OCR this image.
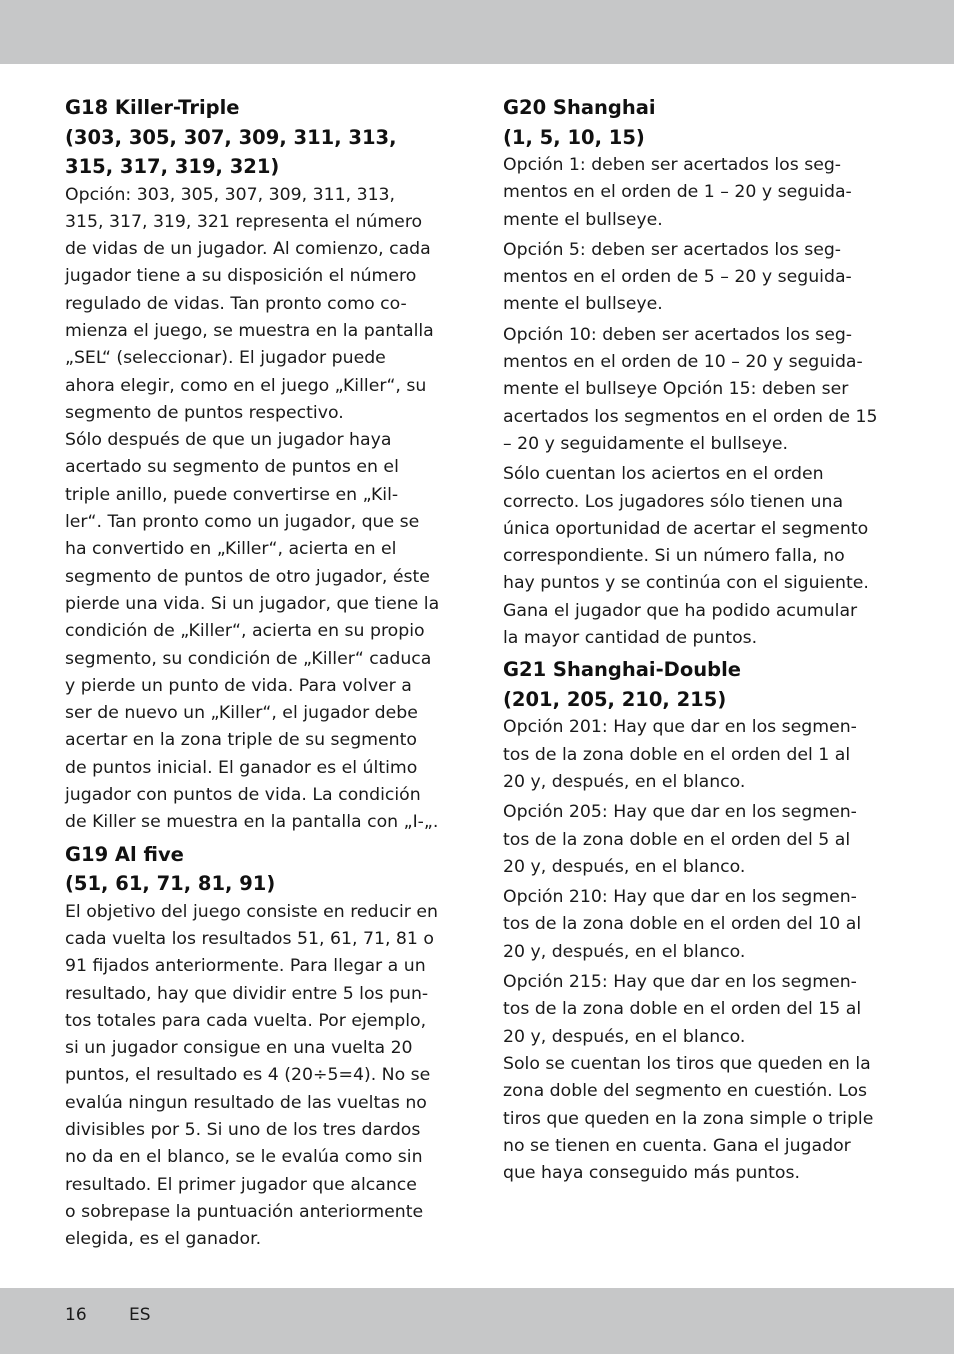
G18 Killer-Triple
(303, 305, 307, 309, 311, 313,
315, 317, 319, 321)

Opción: 303, 305, 307, 309, 311, 313,
315, 317, 319, 321 representa el número
de vidas de un jugador. Al comienzo, cada
jugador tiene a su disposición el número
regulado de vidas. Tan pronto como co-
mienza el juego, se muestra en la pantalla
„SEL“ (seleccionar). El jugador puede
ahora elegir, como en el juego „Killer“, su
segmento de puntos respectivo.
Sólo después de que un jugador haya
acertado su segmento de puntos en el
triple anillo, puede convertirse en „Kil-
ler“. Tan pronto como un jugador, que se
ha convertido en „Killer“, acierta en el
segmento de puntos de otro jugador, éste
pierde una vida. Si un jugador, que tiene la
condición de „Killer“, acierta en su propio
segmento, su condición de „Killer“ caduca
y pierde un punto de vida. Para volver a
ser de nuevo un „Killer“, el jugador debe
acertar en la zona triple de su segmento
de puntos inicial. El ganador es el último
jugador con puntos de vida. La condición
de Killer se muestra en la pantalla con „I-„.

G19 Al five
(51, 61, 71, 81, 91)

El objetivo del juego consiste en reducir en
cada vuelta los resultados 51, 61, 71, 81 o
91 fijados anteriormente. Para llegar a un
resultado, hay que dividir entre 5 los pun-
tos totales para cada vuelta. Por ejemplo,
si un jugador consigue en una vuelta 20
puntos, el resultado es 4 (20÷5=4). No se
evalúa ningun resultado de las vueltas no
divisibles por 5. Si uno de los tres dardos
no da en el blanco, se le evalúa como sin
resultado. El primer jugador que alcance
o sobrepase la puntuación anteriormente
elegida, es el ganador.

G20 Shanghai
(1, 5, 10, 15)

Opción 1: deben ser acertados los seg-
mentos en el orden de 1 – 20 y seguida-
mente el bullseye.

Opción 5: deben ser acertados los seg-
mentos en el orden de 5 – 20 y seguida-
mente el bullseye.

Opción 10: deben ser acertados los seg-
mentos en el orden de 10 – 20 y seguida-
mente el bullseye Opción 15: deben ser
acertados los segmentos en el orden de 15
– 20 y seguidamente el bullseye.

Sólo cuentan los aciertos en el orden
correcto. Los jugadores sólo tienen una
única oportunidad de acertar el segmento
correspondiente. Si un número falla, no
hay puntos y se continúa con el siguiente.
Gana el jugador que ha podido acumular
la mayor cantidad de puntos.

G21 Shanghai-Double
(201, 205, 210, 215)

Opción 201: Hay que dar en los segmen-
tos de la zona doble en el orden del 1 al
20 y, después, en el blanco.

Opción 205: Hay que dar en los segmen-
tos de la zona doble en el orden del 5 al
20 y, después, en el blanco.

Opción 210: Hay que dar en los segmen-
tos de la zona doble en el orden del 10 al
20 y, después, en el blanco.

Opción 215: Hay que dar en los segmen-
tos de la zona doble en el orden del 15 al
20 y, después, en el blanco.
Solo se cuentan los tiros que queden en la
zona doble del segmento en cuestión. Los
tiros que queden en la zona simple o triple
no se tienen en cuenta. Gana el jugador
que haya conseguido más puntos.

16 ES
